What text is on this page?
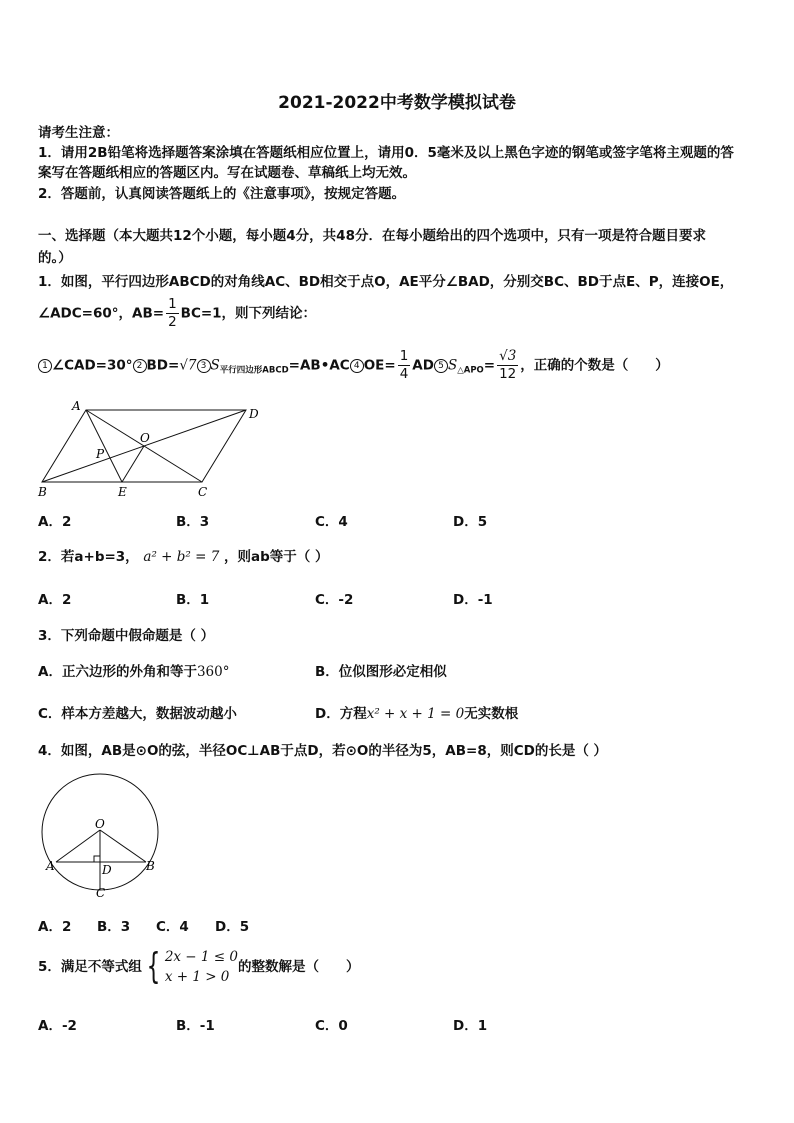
2021-2022中考数学模拟试卷
请考生注意：
1．请用2B铅笔将选择题答案涂填在答题纸相应位置上，请用0．5毫米及以上黑色字迹的钢笔或签字笔将主观题的答
案写在答题纸相应的答题区内。写在试题卷、草稿纸上均无效。
2．答题前，认真阅读答题纸上的《注意事项》，按规定答题。
一、选择题（本大题共12个小题，每小题4分，共48分．在每小题给出的四个选项中，只有一项是符合题目要求
的。）
1．如图，平行四边形ABCD的对角线AC、BD相交于点O，AE平分∠BAD，分别交BC、BD于点E、P，连接OE，
∠ADC=60°，$AB= \frac{1}{2} BC=1$，则下列结论：
1 ∠CAD=30° 2 BD=√7 3 $S_{平行四边形ABCD}=AB•AC$ 4 $OE= \frac{1}{4}$ AD 5 $S_{\triangle APO}= \frac{√3}{12}$ ，正确的个数是（　　）
A
D
O
P
B	E	C
A．2	B．3	C．4	D．5
2．若a+b=3， a² + b² = 7 ，则ab等于（ ）
A．2	B．1	C．-2	D．-1
3．下列命题中假命题是（ ）
A．正六边形的外角和等于360°	B．位似图形必定相似
C．样本方差越大，数据波动越小	D．方程x² + x + 1 = 0无实数根
4．如图，AB是⊙O的弦，半径OC⊥AB于点D，若⊙O的半径为5，AB=8，则CD的长是（ ）
O
A	B
D
C
A．2 B．3 C．4 D．5
5．满足不等式组 { 2x − 1 ≤ 0
x + 1 > 0
的整数解是（　　）
A．-2	B．-1	C．0	D．1
